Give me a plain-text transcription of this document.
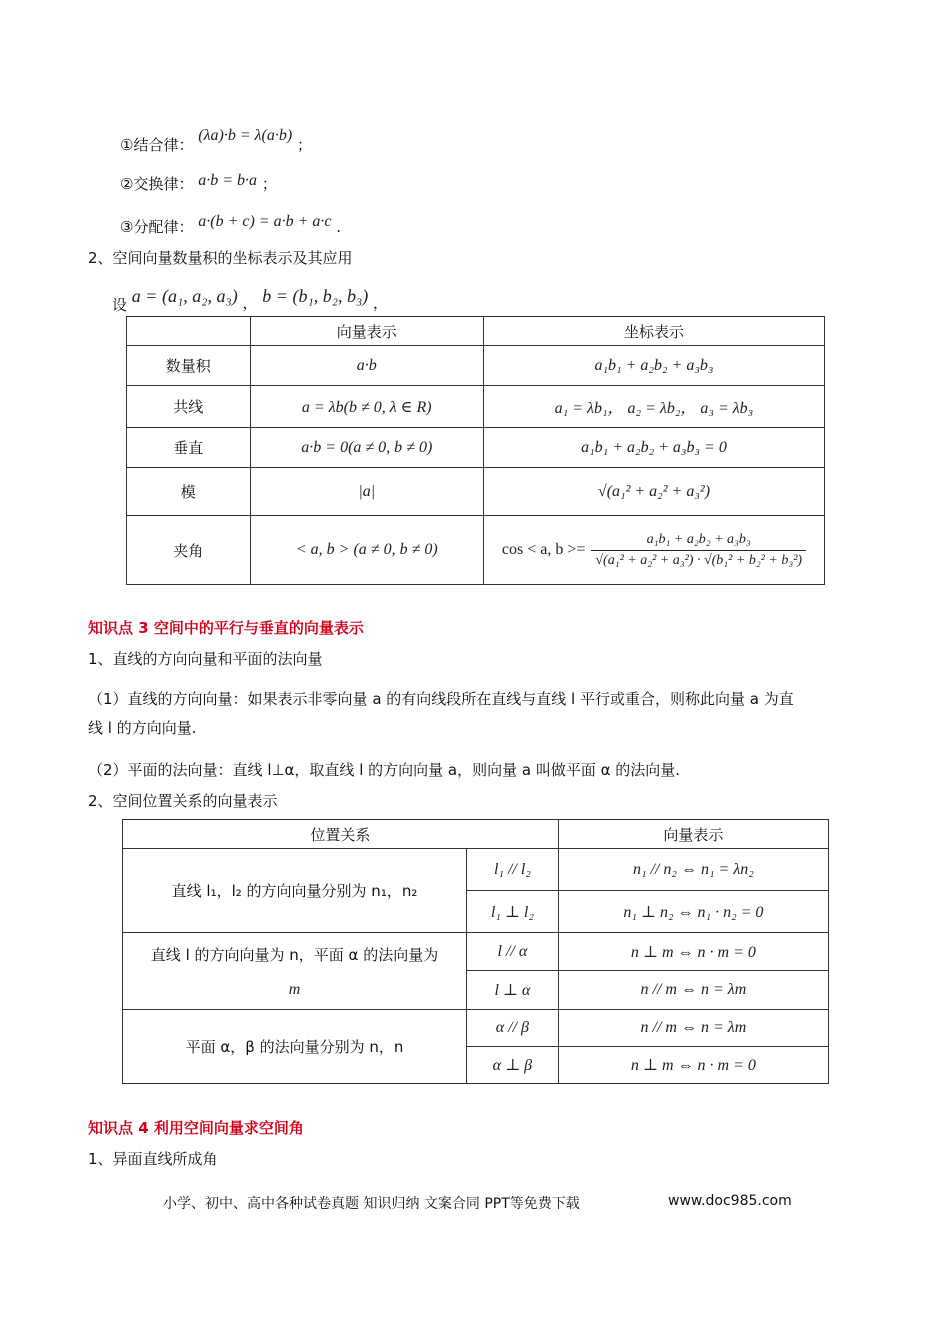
①结合律： (λa)·b = λ(a·b) ；
②交换律： a·b = b·a ；
③分配律： a·(b + c) = a·b + a·c .
2、空间向量数量积的坐标表示及其应用
设 a = (a₁, a₂, a₃) ， b = (b₁, b₂, b₃) ，
	向量表示	坐标表示
数量积	a·b	a₁b₁ + a₂b₂ + a₃b₃
共线	a = λb(b ≠ 0, λ ∈ R)	a₁ = λb₁， a₂ = λb₂， a₃ = λb₃
垂直	a·b = 0(a ≠ 0, b ≠ 0)	a₁b₁ + a₂b₂ + a₃b₃ = 0
模	|a|	√(a₁² + a₂² + a₃²)
夹角	< a, b > (a ≠ 0, b ≠ 0)	cos < a, b >=
a₁b₁ + a₂b₂ + a₃b₃
√(a₁² + a₂² + a₃²) · √(b₁² + b₂² + b₃²)
知识点 3 空间中的平行与垂直的向量表示
1、直线的方向向量和平面的法向量
（1）直线的方向向量：如果表示非零向量 a 的有向线段所在直线与直线 l 平行或重合，则称此向量 a 为直
线 l 的方向向量.
（2）平面的法向量：直线 l⊥α，取直线 l 的方向向量 a，则向量 a 叫做平面 α 的法向量.
2、空间位置关系的向量表示
位置关系		向量表示
直线 l₁，l₂ 的方向向量分别为 n₁，n₂	l₁ // l₂	n₁ // n₂ ⇔ n₁ = λn₂
	l₁ ⊥ l₂	n₁ ⊥ n₂ ⇔ n₁ · n₂ = 0

直线 l 的方向向量为 n，平面 α 的法向量为
m	l // α	n ⊥ m ⇔ n · m = 0
	l ⊥ α	n // m ⇔ n = λm
平面 α，β 的法向量分别为 n，n	α // β	n // m ⇔ n = λm
	α ⊥ β	n ⊥ m ⇔ n · m = 0
知识点 4 利用空间向量求空间角
1、异面直线所成角
小学、初中、高中各种试卷真题 知识归纳 文案合同 PPT等免费下载	www.doc985.com
